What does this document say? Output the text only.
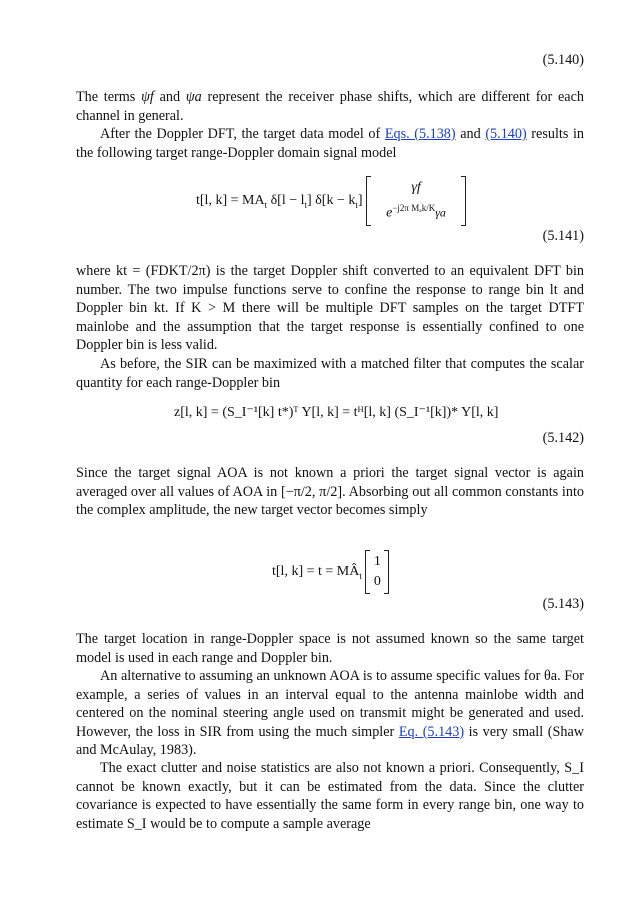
(5.140)

The terms ψf and ψa represent the receiver phase shifts, which are different for each channel in general.

After the Doppler DFT, the target data model of Eqs. (5.138) and (5.140) results in the following target range-Doppler domain signal model

t[l, $k] = MA_t$ $\delta[l - l_t]$ $\delta[k - k_t]$
γf
$e^{-j2\pi M_ak/K}\gamma a$
(5.141)

where kt = (FDKT/2π) is the target Doppler shift converted to an equivalent DFT bin number. The two impulse functions serve to confine the response to range bin lt and Doppler bin kt. If K > M there will be multiple DFT samples on the target DTFT mainlobe and the assumption that the target response is essentially confined to one Doppler bin is less valid.

As before, the SIR can be maximized with a matched filter that computes the scalar quantity for each range-Doppler bin

z[l, k] = (S_I⁻¹[k] t*)ᵀ Y[l, k] = tᴴ[l, k] (S_I⁻¹[k])* Y[l, k]
(5.142)

Since the target signal AOA is not known a priori the target signal vector is again averaged over all values of AOA in [−π/2, π/2]. Absorbing out all common constants into the complex amplitude, the new target vector becomes simply

t[l, $k] = t = MÂ_t$
1
0
(5.143)

The target location in range-Doppler space is not assumed known so the same target model is used in each range and Doppler bin.

An alternative to assuming an unknown AOA is to assume specific values for θa. For example, a series of values in an interval equal to the antenna mainlobe width and centered on the nominal steering angle used on transmit might be generated and used. However, the loss in SIR from using the much simpler Eq. (5.143) is very small (Shaw and McAulay, 1983).

The exact clutter and noise statistics are also not known a priori. Consequently, S_I cannot be known exactly, but it can be estimated from the data. Since the clutter covariance is expected to have essentially the same form in every range bin, one way to estimate S_I would be to compute a sample average
